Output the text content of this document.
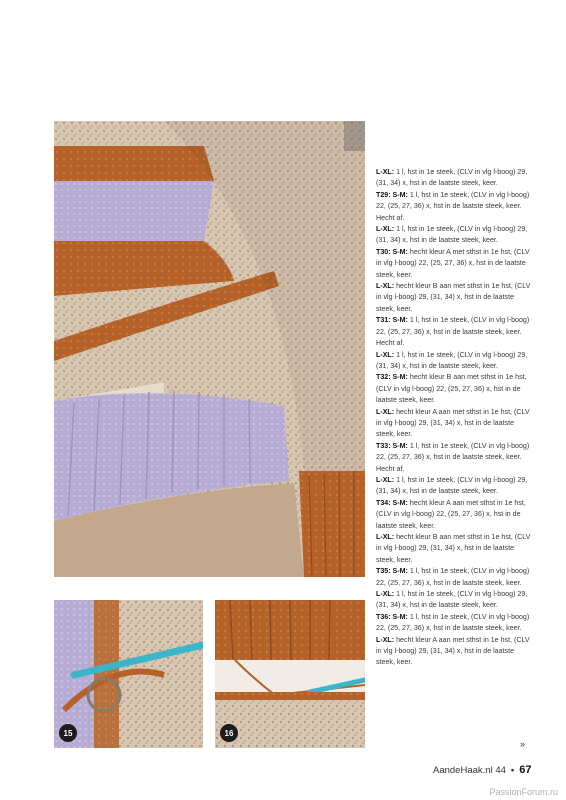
15	16

L-XL: 1 l, hst in 1e steek, (CLV in vlg l-boog) 29, (31, 34) x, hst in de laatste steek, keer.

T29: S-M: 1 l, hst in 1e steek, (CLV in vlg l-boog) 22, (25, 27, 36) x, hst in de laatste steek, keer. Hecht af.

L-XL: 1 l, hst in 1e steek, (CLV in vlg l-boog) 29, (31, 34) x, hst in de laatste steek, keer.

T30: S-M: hecht kleur A met sthst in 1e hst, (CLV in vlg l-boog) 22, (25, 27, 36) x, hst in de laatste steek, keer.

L-XL: hecht kleur B aan met sthst in 1e hst, (CLV in vlg l-boog) 29, (31, 34) x, hst in de laatste steek, keer.

T31: S-M: 1 l, hst in 1e steek, (CLV in vlg l-boog) 22, (25, 27, 36) x, hst in de laatste steek, keer. Hecht af.

L-XL: 1 l, hst in 1e steek, (CLV in vlg l-boog) 29, (31, 34) x, hst in de laatste steek, keer.

T32: S-M: hecht kleur B aan met sthst in 1e hst, (CLV in vlg l-boog) 22, (25, 27, 36) x, hst in de laatste steek, keer.

L-XL: hecht kleur A aan met sthst in 1e hst, (CLV in vlg l-boog) 29, (31, 34) x, hst in de laatste steek, keer.

T33: S-M: 1 l, hst in 1e steek, (CLV in vlg l-boog) 22, (25, 27, 36) x, hst in de laatste steek, keer. Hecht af.

L-XL: 1 l, hst in 1e steek, (CLV in vlg l-boog) 29, (31, 34) x, hst in de laatste steek, keer.

T34: S-M: hecht kleur A aan met sthst in 1e hst, (CLV in vlg l-boog) 22, (25, 27, 36) x, hst in de laatste steek, keer.

L-XL: hecht kleur B aan met sthst in 1e hst, (CLV in vlg l-boog) 29, (31, 34) x, hst in de laatste steek, keer.

T35: S-M: 1 l, hst in 1e steek, (CLV in vlg l-boog) 22, (25, 27, 36) x, hst in de laatste steek, keer.

L-XL: 1 l, hst in 1e steek, (CLV in vlg l-boog) 29, (31, 34) x, hst in de laatste steek, keer.

T36: S-M: 1 l, hst in 1e steek, (CLV in vlg l-boog) 22, (25, 27, 36) x, hst in de laatste steek, keer.

L-XL: hecht kleur A aan met sthst in 1e hst, (CLV in vlg l-boog) 29, (31, 34) x, hst in de laatste steek, keer.

»
AandeHaak.nl 44 • 67
PassionForum.ru
